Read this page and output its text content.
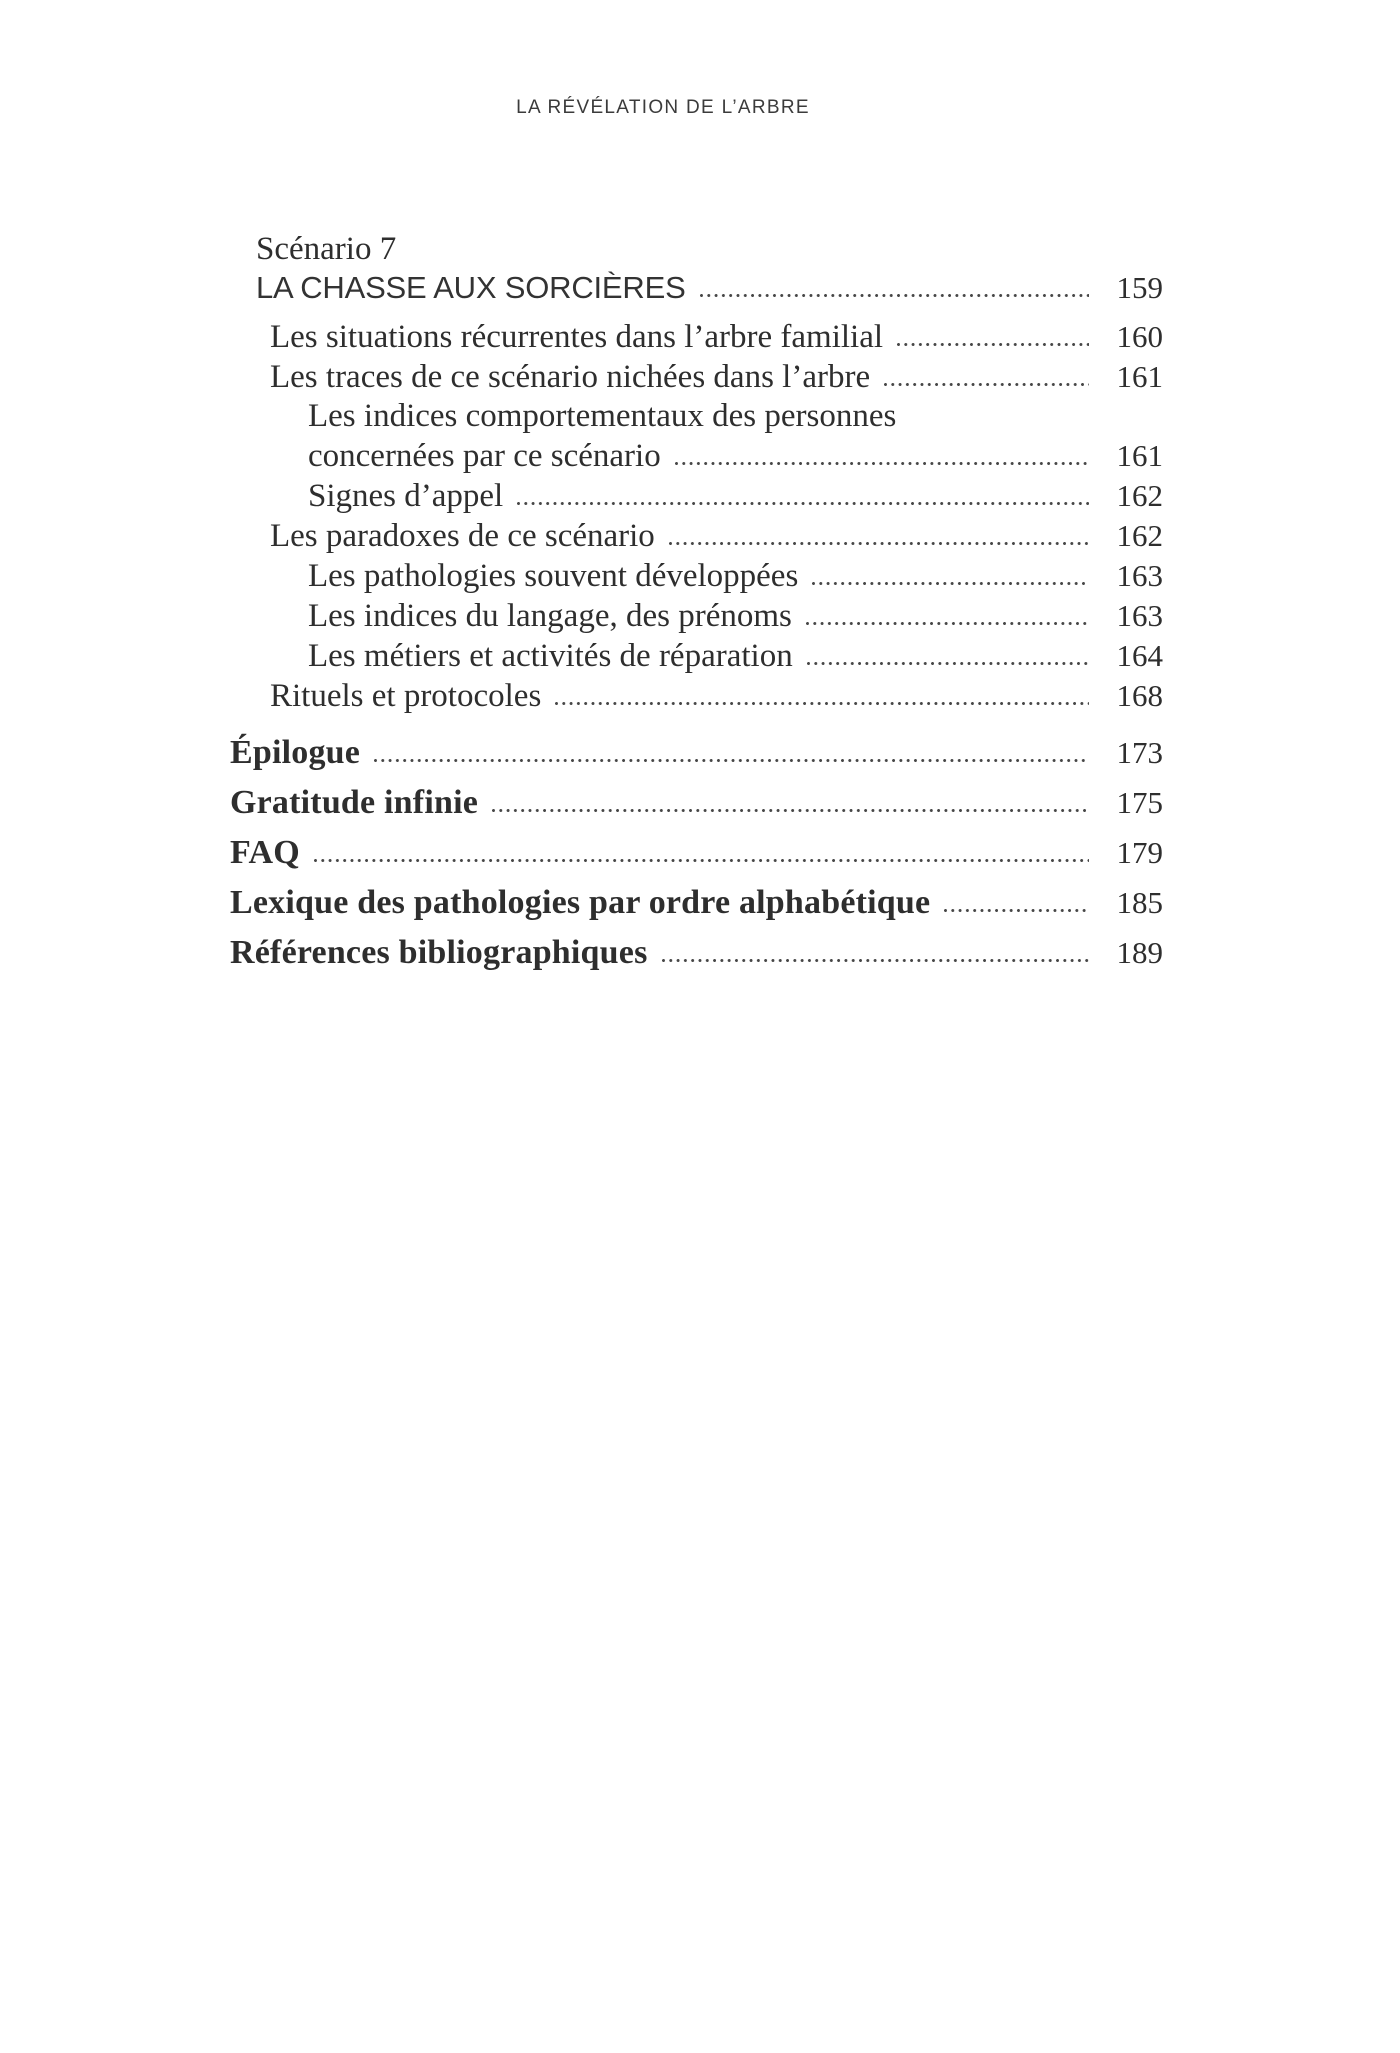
LA RÉVÉLATION DE L’ARBRE
Scénario 7
LA CHASSE AUX SORCIÈRES	159
Les situations récurrentes dans l’arbre familial	160
Les traces de ce scénario nichées dans l’arbre	161
Les indices comportementaux des personnes
concernées par ce scénario	161
Signes d’appel	162
Les paradoxes de ce scénario	162
Les pathologies souvent développées	163
Les indices du langage, des prénoms	163
Les métiers et activités de réparation	164
Rituels et protocoles	168
Épilogue	173
Gratitude infinie	175
FAQ	179
Lexique des pathologies par ordre alphabétique	185
Références bibliographiques	189
